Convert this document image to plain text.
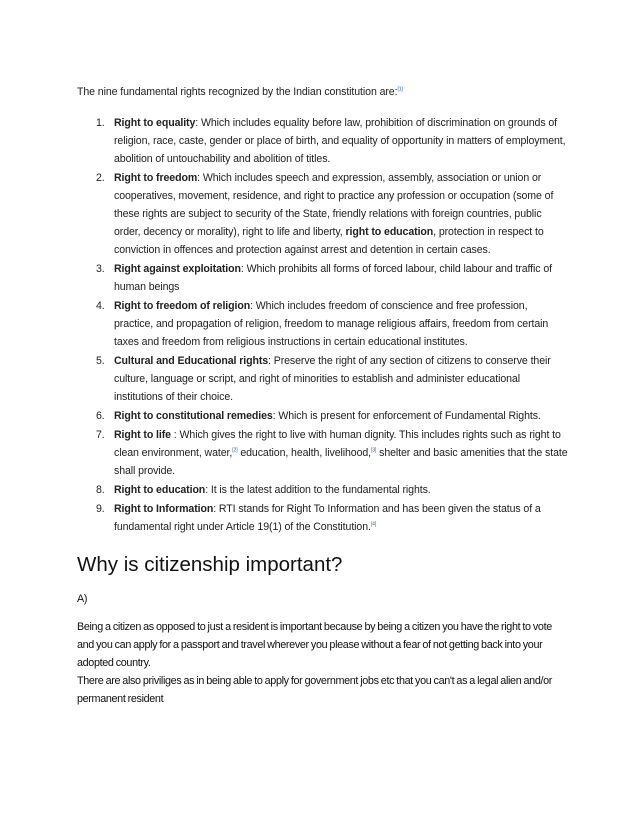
The nine fundamental rights recognized by the Indian constitution are:[1]
1. Right to equality: Which includes equality before law, prohibition of discrimination on grounds of religion, race, caste, gender or place of birth, and equality of opportunity in matters of employment, abolition of untouchability and abolition of titles.
2. Right to freedom: Which includes speech and expression, assembly, association or union or cooperatives, movement, residence, and right to practice any profession or occupation (some of these rights are subject to security of the State, friendly relations with foreign countries, public order, decency or morality), right to life and liberty, right to education, protection in respect to conviction in offences and protection against arrest and detention in certain cases.
3. Right against exploitation: Which prohibits all forms of forced labour, child labour and traffic of human beings
4. Right to freedom of religion: Which includes freedom of conscience and free profession, practice, and propagation of religion, freedom to manage religious affairs, freedom from certain taxes and freedom from religious instructions in certain educational institutes.
5. Cultural and Educational rights: Preserve the right of any section of citizens to conserve their culture, language or script, and right of minorities to establish and administer educational institutions of their choice.
6. Right to constitutional remedies: Which is present for enforcement of Fundamental Rights.
7. Right to life : Which gives the right to live with human dignity. This includes rights such as right to clean environment, water,[2] education, health, livelihood,[3] shelter and basic amenities that the state shall provide.
8. Right to education: It is the latest addition to the fundamental rights.
9. Right to Information: RTI stands for Right To Information and has been given the status of a fundamental right under Article 19(1) of the Constitution.[4]
Why is citizenship important?

A)

Being a citizen as opposed to just a resident is important because by being a citizen you have the right to vote and you can apply for a passport and travel wherever you please without a fear of not getting back into your adopted country.

There are also priviliges as in being able to apply for government jobs etc that you can't as a legal alien and/or permanent resident
